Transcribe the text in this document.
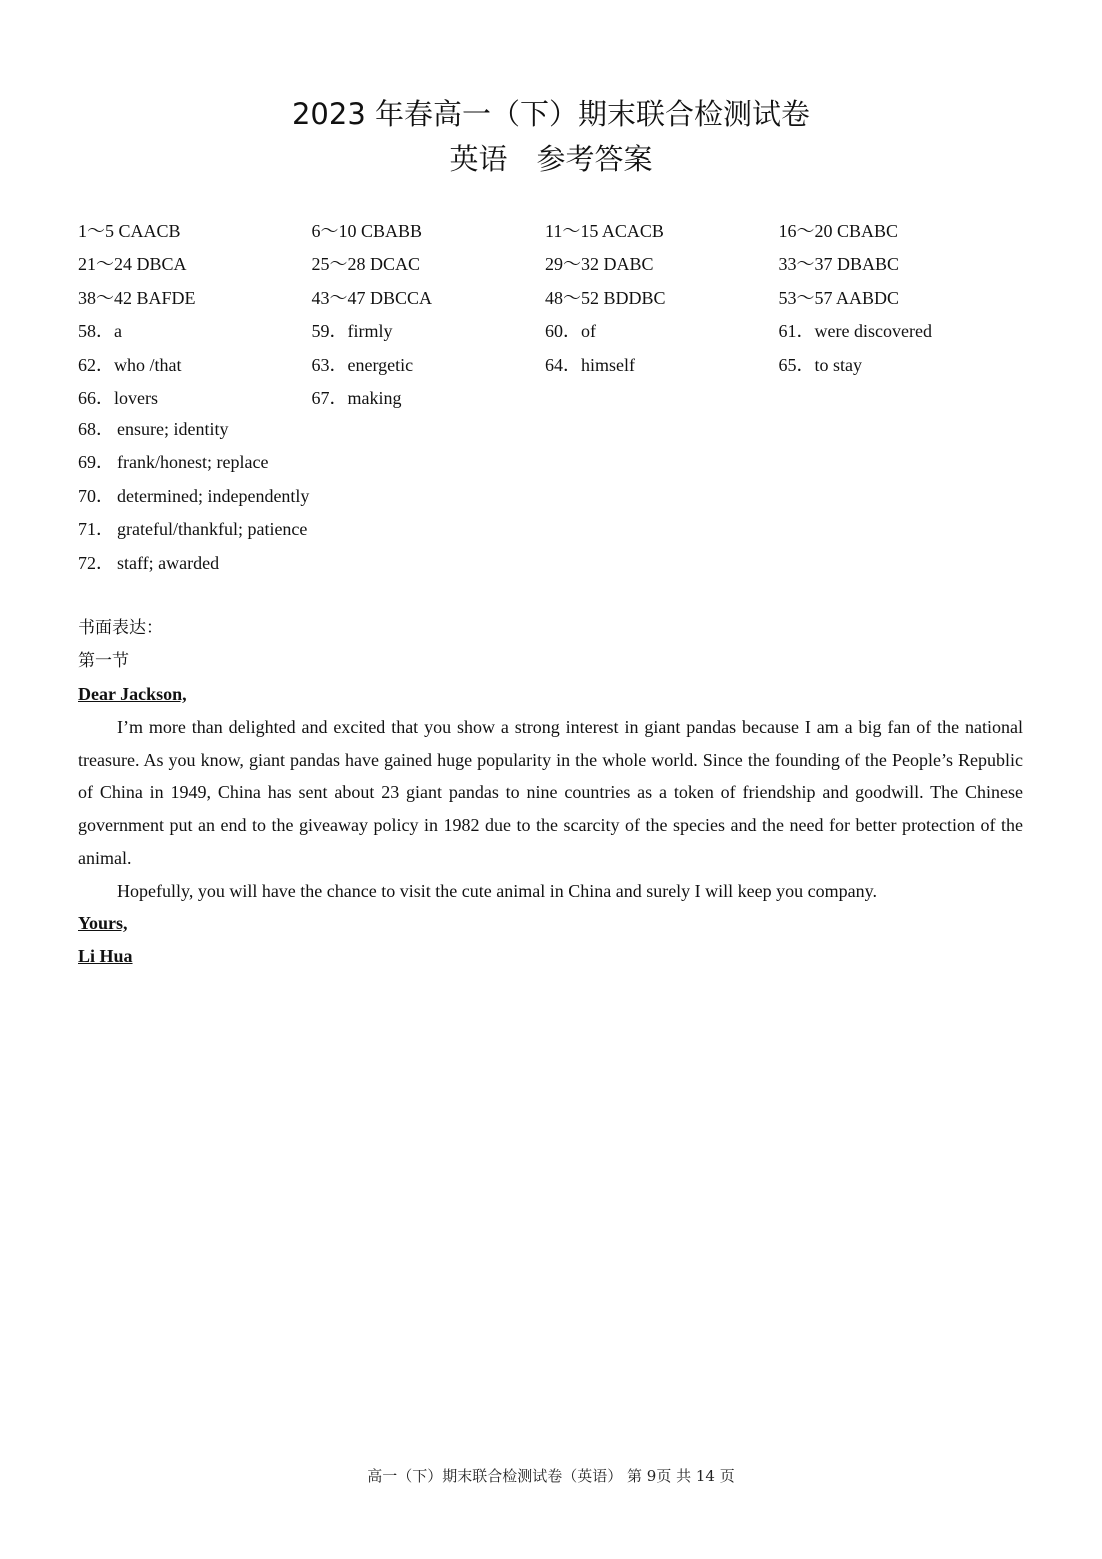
2023 年春高一（下）期末联合检测试卷
英语　参考答案
1～5 CAACB	6～10 CBABB	11～15 ACACB	16～20 CBABC
21～24 DBCA	25～28 DCAC	29～32 DABC	33～37 DBABC
38～42 BAFDE	43～47 DBCCA	48～52 BDDBC	53～57 AABDC
58．a	59．firmly	60．of	61．were discovered
62．who /that	63．energetic	64．himself	65．to stay
66．lovers	67．making
68． ensure; identity
69． frank/honest; replace
70． determined; independently
71． grateful/thankful; patience
72． staff; awarded
书面表达：
第一节
Dear Jackson,

I’m more than delighted and excited that you show a strong interest in giant pandas because I am a big fan of the national treasure. As you know, giant pandas have gained huge popularity in the whole world. Since the founding of the People’s Republic of China in 1949, China has sent about 23 giant pandas to nine countries as a token of friendship and goodwill. The Chinese government put an end to the giveaway policy in 1982 due to the scarcity of the species and the need for better protection of the animal.

Hopefully, you will have the chance to visit the cute animal in China and surely I will keep you company.

Yours,
Li Hua
高一（下）期末联合检测试卷（英语） 第 9页 共 14 页
